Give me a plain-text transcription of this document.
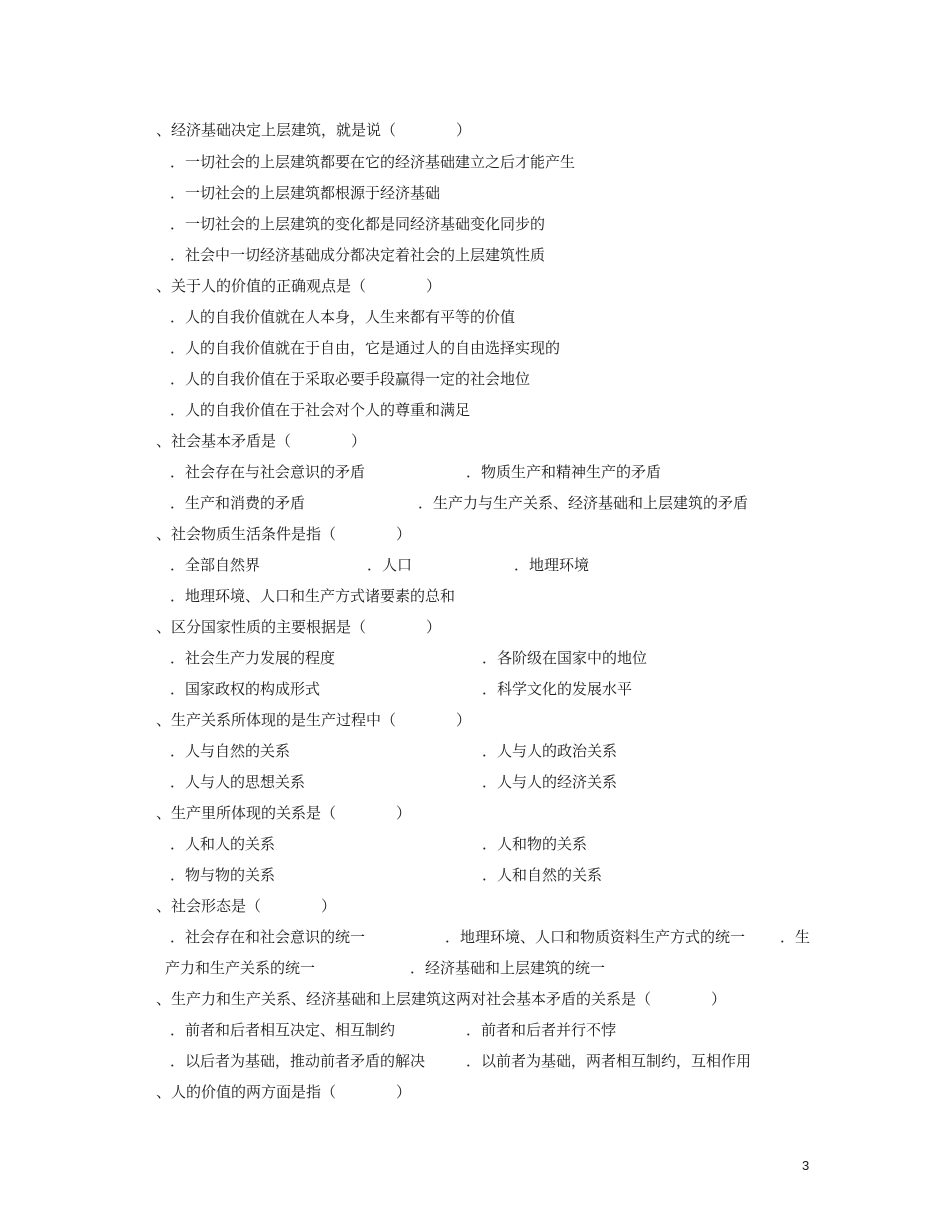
、经济基础决定上层建筑，就是说（　　　　）
．一切社会的上层建筑都要在它的经济基础建立之后才能产生
．一切社会的上层建筑都根源于经济基础
．一切社会的上层建筑的变化都是同经济基础变化同步的
．社会中一切经济基础成分都决定着社会的上层建筑性质
、关于人的价值的正确观点是（　　　　）
．人的自我价值就在人本身，人生来都有平等的价值
．人的自我价值就在于自由，它是通过人的自由选择实现的
．人的自我价值在于采取必要手段赢得一定的社会地位
．人的自我价值在于社会对个人的尊重和满足
、社会基本矛盾是（　　　　）
．社会存在与社会意识的矛盾	．物质生产和精神生产的矛盾
．生产和消费的矛盾	．生产力与生产关系、经济基础和上层建筑的矛盾
、社会物质生活条件是指（　　　　）
．全部自然界	．人口	．地理环境
．地理环境、人口和生产方式诸要素的总和
、区分国家性质的主要根据是（　　　　）
．社会生产力发展的程度	．各阶级在国家中的地位
．国家政权的构成形式	．科学文化的发展水平
、生产关系所体现的是生产过程中（　　　　）
．人与自然的关系	．人与人的政治关系
．人与人的思想关系	．人与人的经济关系
、生产里所体现的关系是（　　　　）
．人和人的关系	．人和物的关系
．物与物的关系	．人和自然的关系
、社会形态是（　　　　）
．社会存在和社会意识的统一	．地理环境、人口和物质资料生产方式的统一 ．生
产力和生产关系的统一	．经济基础和上层建筑的统一
、生产力和生产关系、经济基础和上层建筑这两对社会基本矛盾的关系是（　　　　）
．前者和后者相互决定、相互制约	．前者和后者并行不悖
．以后者为基础，推动前者矛盾的解决	．以前者为基础，两者相互制约，互相作用
、人的价值的两方面是指（　　　　）
3
